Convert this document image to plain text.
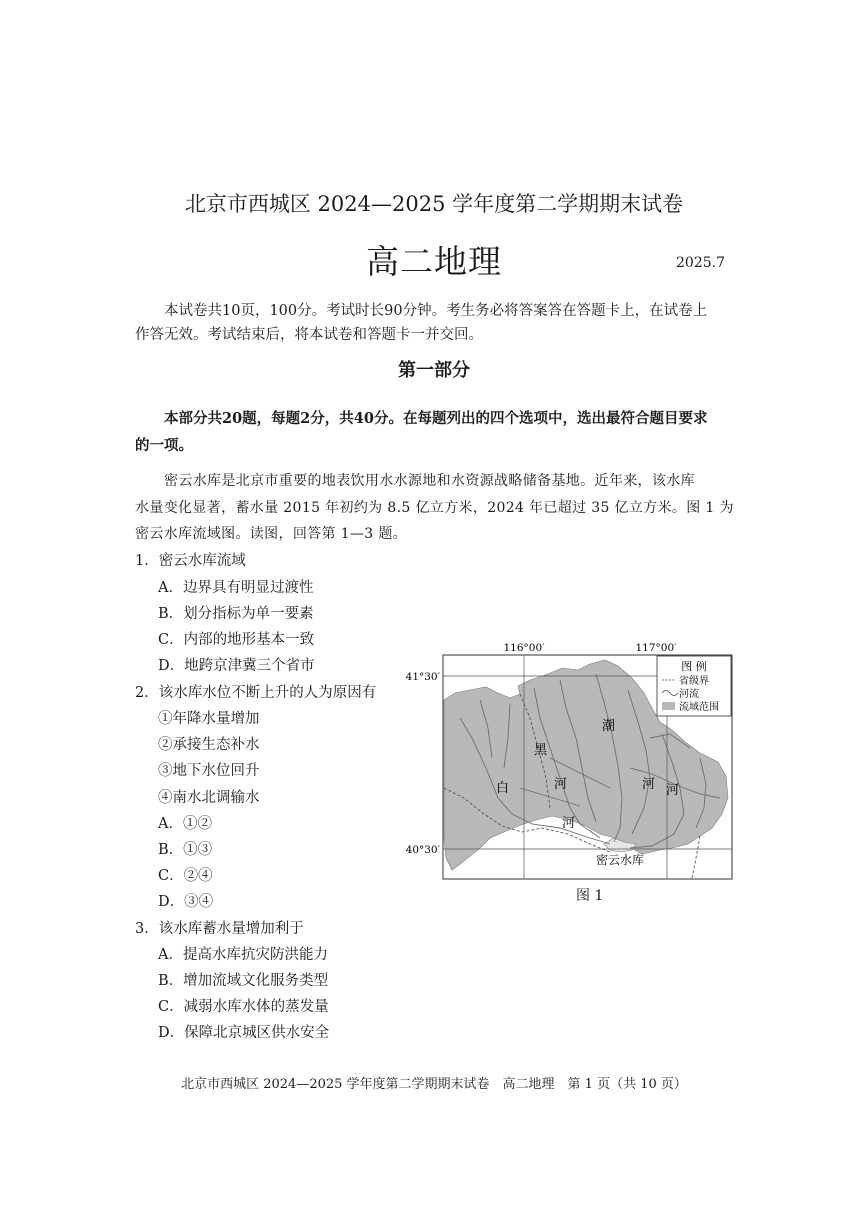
北京市西城区 2024—2025 学年度第二学期期末试卷
高二地理	2025.7
本试卷共10页，100分。考试时长90分钟。考生务必将答案答在答题卡上，在试卷上
作答无效。考试结束后，将本试卷和答题卡一并交回。
第一部分
本部分共20题，每题2分，共40分。在每题列出的四个选项中，选出最符合题目要求
的一项。
密云水库是北京市重要的地表饮用水水源地和水资源战略储备基地。近年来，该水库
水量变化显著，蓄水量 2015 年初约为 8.5 亿立方米，2024 年已超过 35 亿立方米。图 1 为
密云水库流域图。读图，回答第 1—3 题。
1．密云水库流域
A．边界具有明显过渡性
B．划分指标为单一要素
C．内部的地形基本一致
D．地跨京津冀三个省市
2．该水库水位不断上升的人为原因有
①年降水量增加
②承接生态补水
③地下水位回升
④南水北调输水
A．①②
B．①③
C．②④
D．③④
3．该水库蓄水量增加利于
A．提高水库抗灾防洪能力
B．增加流域文化服务类型
C．减弱水库水体的蒸发量
D．保障北京城区供水安全
图 例
省级界
河流
流域范围
116°00′	117°00′
41°30′
40°30′
白
河
黑
河	河
潮
河
密云水库
图 1
北京市西城区 2024—2025 学年度第二学期期末试卷　高二地理　第 1 页（共 10 页）
